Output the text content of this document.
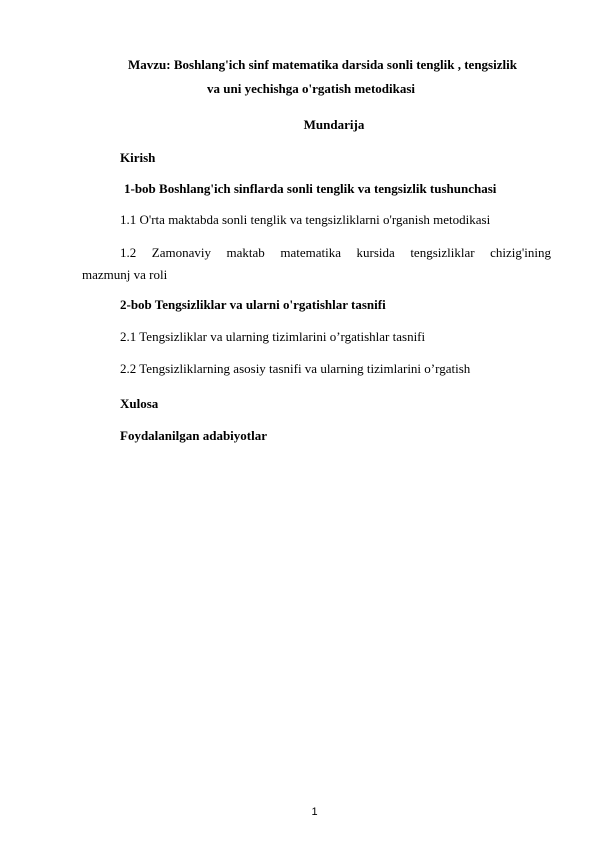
Mavzu: Boshlang'ich sinf matematika darsida sonli tenglik , tengsizlik
va uni yechishga o'rgatish metodikasi
Mundarija
Kirish
1-bob Boshlang'ich sinflarda sonli tenglik va tengsizlik tushunchasi
1.1 O'rta maktabda sonli tenglik va tengsizliklarni o'rganish metodikasi
1.2 Zamonaviy maktab matematika kursida tengsizliklar chizig'ining
mazmunj va roli
2-bob Tengsizliklar va ularni o'rgatishlar tasnifi
2.1 Tengsizliklar va ularning tizimlarini o’rgatishlar tasnifi
2.2 Tengsizliklarning asosiy tasnifi va ularning tizimlarini o’rgatish
Xulosa
Foydalanilgan adabiyotlar
1
